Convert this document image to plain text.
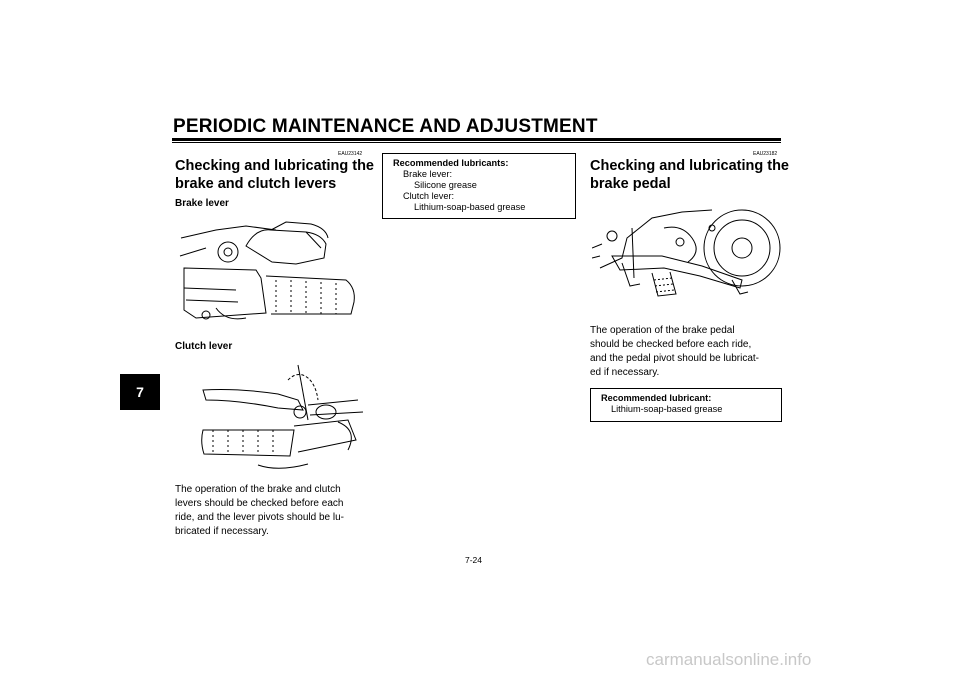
PERIODIC MAINTENANCE AND ADJUSTMENT
7
EAU23142
Checking and lubricating the
brake and clutch levers
Brake lever
Clutch lever
The operation of the brake and clutch
levers should be checked before each
ride, and the lever pivots should be lu-
bricated if necessary.
Recommended lubricants:
Brake lever:
Silicone grease
Clutch lever:
Lithium-soap-based grease
EAU23182
Checking and lubricating the
brake pedal
The operation of the brake pedal
should be checked before each ride,
and the pedal pivot should be lubricat-
ed if necessary.
Recommended lubricant:
Lithium-soap-based grease
7-24
carmanualsonline.info
